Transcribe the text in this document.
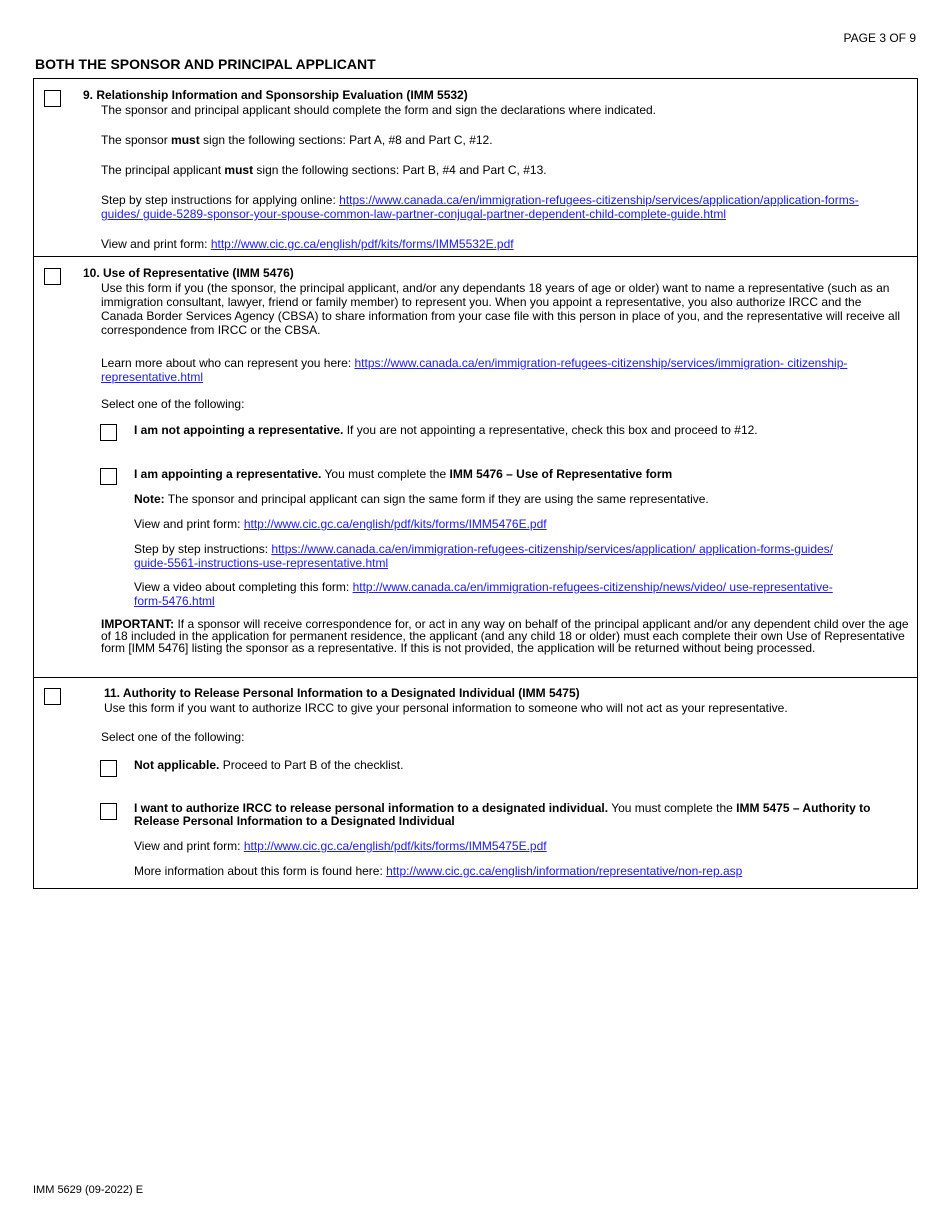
PAGE 3 OF 9
BOTH THE SPONSOR AND PRINCIPAL APPLICANT
9. Relationship Information and Sponsorship Evaluation (IMM 5532)
The sponsor and principal applicant should complete the form and sign the declarations where indicated.
The sponsor must sign the following sections: Part A, #8 and Part C, #12.
The principal applicant must sign the following sections: Part B, #4 and Part C, #13.
Step by step instructions for applying online: https://www.canada.ca/en/immigration-refugees-citizenship/services/application/application-forms-
guides/ guide-5289-sponsor-your-spouse-common-law-partner-conjugal-partner-dependent-child-complete-guide.html
View and print form: http://www.cic.gc.ca/english/pdf/kits/forms/IMM5532E.pdf
10. Use of Representative (IMM 5476)
Use this form if you (the sponsor, the principal applicant, and/or any dependants 18 years of age or older) want to name a representative (such as an immigration consultant, lawyer, friend or family member) to represent you. When you appoint a representative, you also authorize IRCC and the Canada Border Services Agency (CBSA) to share information from your case file with this person in place of you, and the representative will receive all correspondence from IRCC or the CBSA.
Learn more about who can represent you here: https://www.canada.ca/en/immigration-refugees-citizenship/services/immigration- citizenship-
representative.html
Select one of the following:
I am not appointing a representative. If you are not appointing a representative, check this box and proceed to #12.
I am appointing a representative. You must complete the IMM 5476 – Use of Representative form
Note: The sponsor and principal applicant can sign the same form if they are using the same representative.
View and print form: http://www.cic.gc.ca/english/pdf/kits/forms/IMM5476E.pdf
Step by step instructions: https://www.canada.ca/en/immigration-refugees-citizenship/services/application/ application-forms-guides/
guide-5561-instructions-use-representative.html
View a video about completing this form: http://www.canada.ca/en/immigration-refugees-citizenship/news/video/ use-representative-
form-5476.html
IMPORTANT: If a sponsor will receive correspondence for, or act in any way on behalf of the principal applicant and/or any dependent child over the age of 18 included in the application for permanent residence, the applicant (and any child 18 or older) must each complete their own Use of Representative form [IMM 5476] listing the sponsor as a representative. If this is not provided, the application will be returned without being processed.
11. Authority to Release Personal Information to a Designated Individual (IMM 5475)
Use this form if you want to authorize IRCC to give your personal information to someone who will not act as your representative.
Select one of the following:
Not applicable. Proceed to Part B of the checklist.
I want to authorize IRCC to release personal information to a designated individual. You must complete the IMM 5475 – Authority to Release Personal Information to a Designated Individual
View and print form: http://www.cic.gc.ca/english/pdf/kits/forms/IMM5475E.pdf
More information about this form is found here: http://www.cic.gc.ca/english/information/representative/non-rep.asp
IMM 5629 (09-2022) E
